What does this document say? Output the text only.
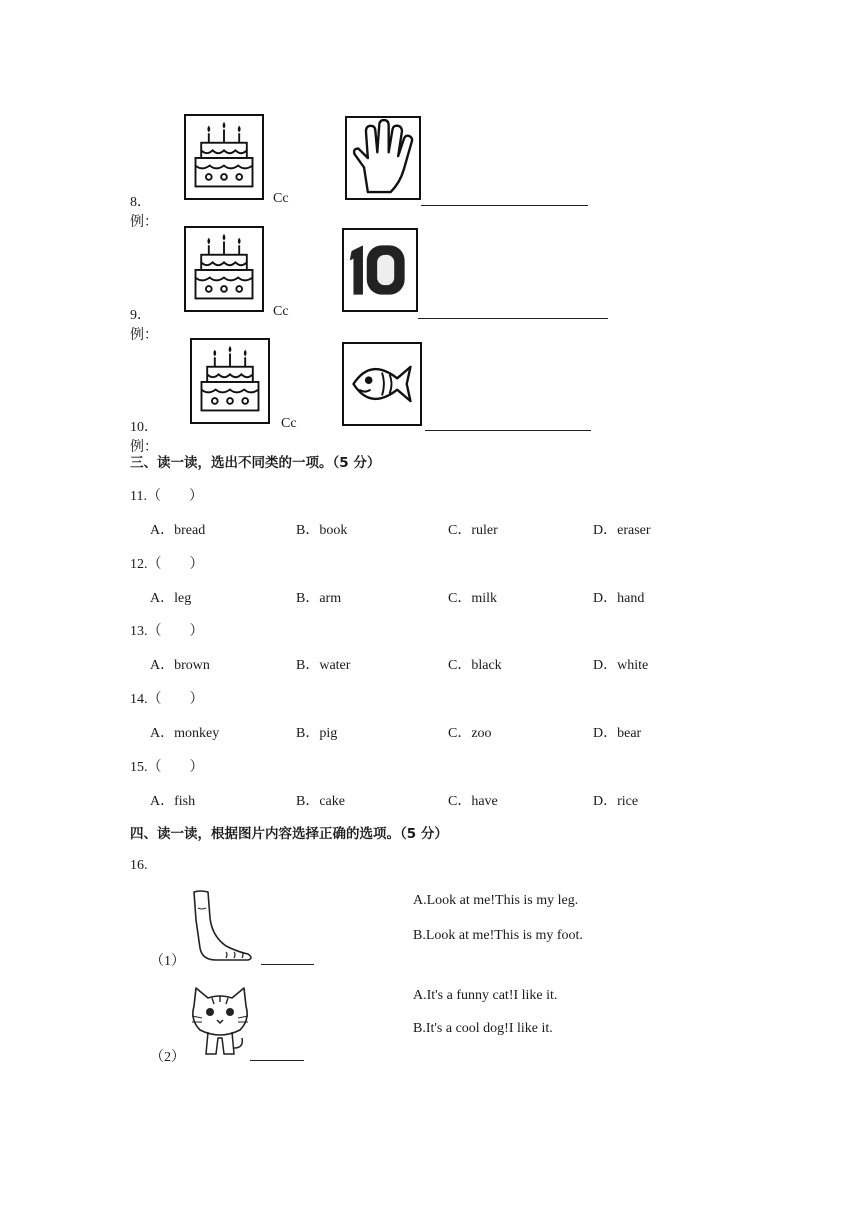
8．例：
Cc
9．例：
Cc
10．例：
Cc
三、读一读，选出不同类的一项。（5 分）
11.（        ）
A．bread	B．book	C．ruler	D．eraser
12.（        ）
A．leg	B．arm	C．milk	D．hand
13.（        ）
A．brown	B．water	C．black	D．white
14.（        ）
A．monkey	B．pig	C．zoo	D．bear
15.（        ）
A．fish	B．cake	C．have	D．rice
四、读一读，根据图片内容选择正确的选项。（5 分）
16.
（1）
A.Look at me!This is my leg.
B.Look at me!This is my foot.
（2）
A.It's a funny cat!I like it.
B.It's a cool dog!I like it.
